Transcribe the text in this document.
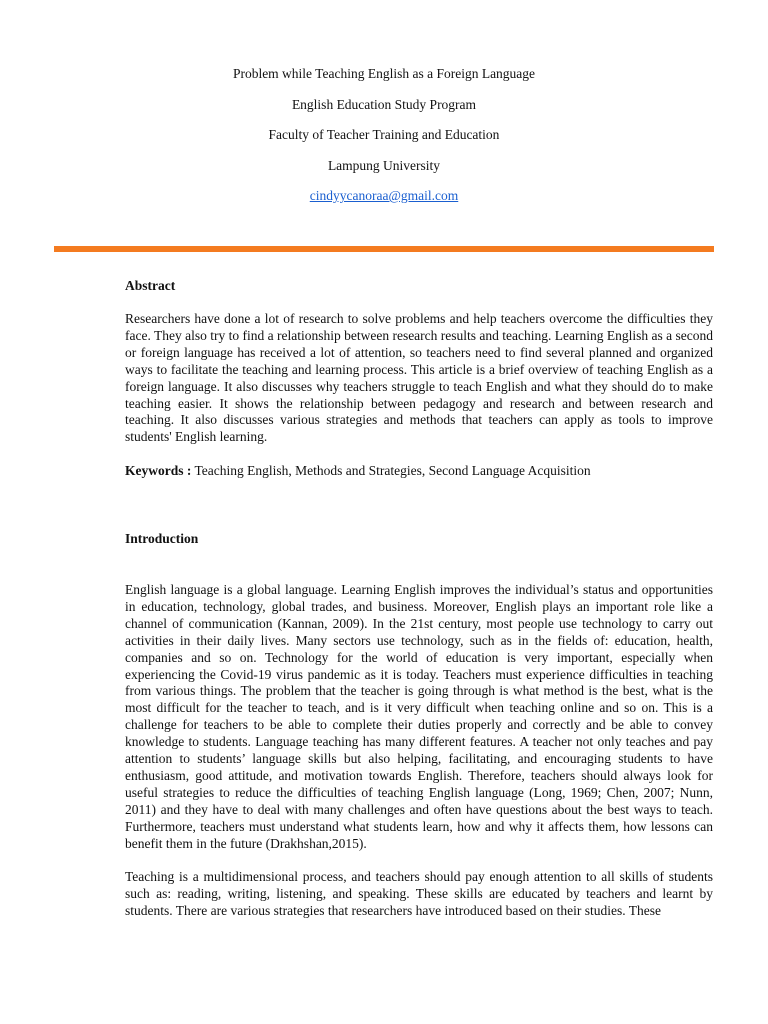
Problem while Teaching English as a Foreign Language
English Education Study Program
Faculty of Teacher Training and Education
Lampung University
cindyycanoraa@gmail.com
Abstract

Researchers have done a lot of research to solve problems and help teachers overcome the difficulties they face. They also try to find a relationship between research results and teaching. Learning English as a second or foreign language has received a lot of attention, so teachers need to find several planned and organized ways to facilitate the teaching and learning process. This article is a brief overview of teaching English as a foreign language. It also discusses why teachers struggle to teach English and what they should do to make teaching easier. It shows the relationship between pedagogy and research and between research and teaching. It also discusses various strategies and methods that teachers can apply as tools to improve students' English learning.

Keywords : Teaching English, Methods and Strategies, Second Language Acquisition
Introduction

English language is a global language. Learning English improves the individual’s status and opportunities in education, technology, global trades, and business. Moreover, English plays an important role like a channel of communication (Kannan, 2009). In the 21st century, most people use technology to carry out activities in their daily lives. Many sectors use technology, such as in the fields of: education, health, companies and so on. Technology for the world of education is very important, especially when experiencing the Covid-19 virus pandemic as it is today. Teachers must experience difficulties in teaching from various things. The problem that the teacher is going through is what method is the best, what is the most difficult for the teacher to teach, and is it very difficult when teaching online and so on. This is a challenge for teachers to be able to complete their duties properly and correctly and be able to convey knowledge to students. Language teaching has many different features. A teacher not only teaches and pay attention to students’ language skills but also helping, facilitating, and encouraging students to have enthusiasm, good attitude, and motivation towards English. Therefore, teachers should always look for useful strategies to reduce the difficulties of teaching English language (Long, 1969; Chen, 2007; Nunn, 2011) and they have to deal with many challenges and often have questions about the best ways to teach. Furthermore, teachers must understand what students learn, how and why it affects them, how lessons can benefit them in the future (Drakhshan,2015).

Teaching is a multidimensional process, and teachers should pay enough attention to all skills of students such as: reading, writing, listening, and speaking. These skills are educated by teachers and learnt by students. There are various strategies that researchers have introduced based on their studies. These
